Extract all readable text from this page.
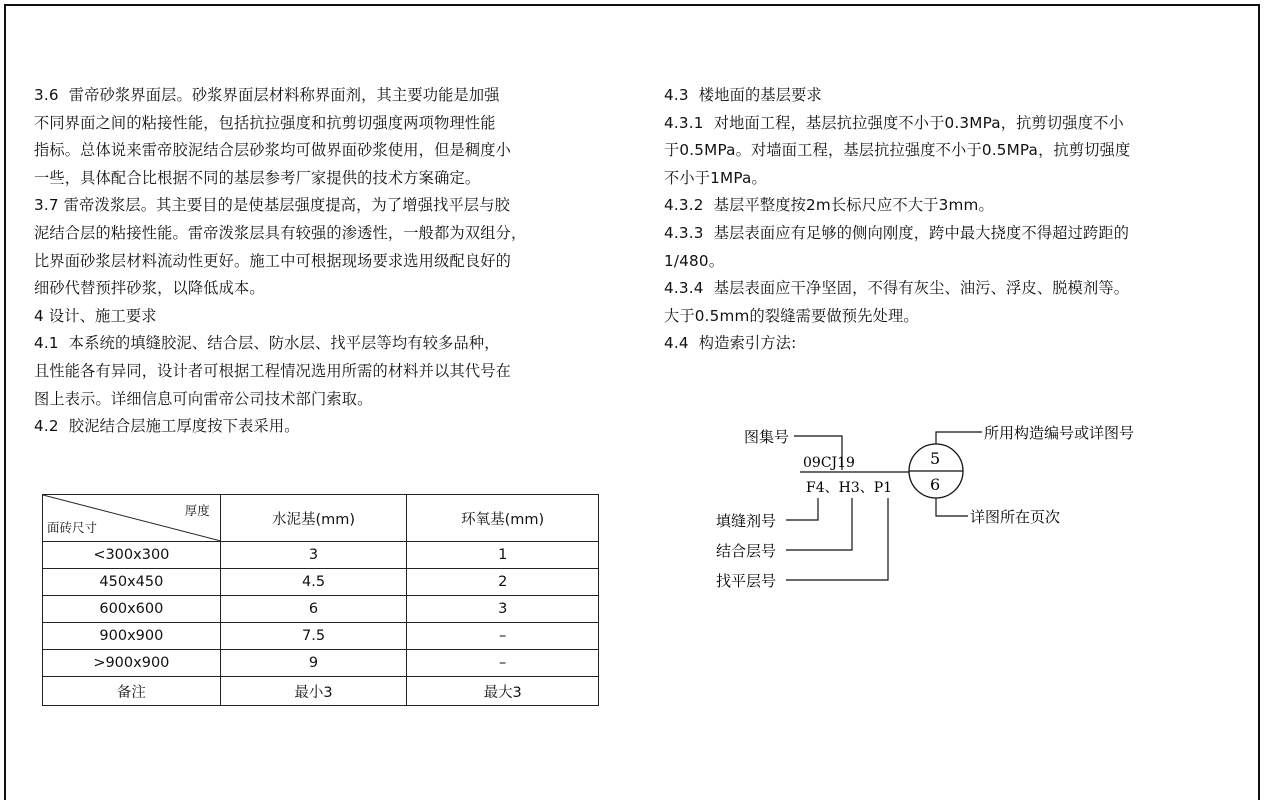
3.6  雷帝砂浆界面层。砂浆界面层材料称界面剂，其主要功能是加强
不同界面之间的粘接性能，包括抗拉强度和抗剪切强度两项物理性能
指标。总体说来雷帝胶泥结合层砂浆均可做界面砂浆使用，但是稠度小
一些，具体配合比根据不同的基层参考厂家提供的技术方案确定。
3.7 雷帝泼浆层。其主要目的是使基层强度提高，为了增强找平层与胶
泥结合层的粘接性能。雷帝泼浆层具有较强的渗透性，一般都为双组分，
比界面砂浆层材料流动性更好。施工中可根据现场要求选用级配良好的
细砂代替预拌砂浆，以降低成本。
4 设计、施工要求
4.1  本系统的填缝胶泥、结合层、防水层、找平层等均有较多品种，
且性能各有异同，设计者可根据工程情况选用所需的材料并以其代号在
图上表示。详细信息可向雷帝公司技术部门索取。
4.2  胶泥结合层施工厚度按下表采用。
4.3  楼地面的基层要求
4.3.1  对地面工程，基层抗拉强度不小于0.3MPa，抗剪切强度不小
于0.5MPa。对墙面工程，基层抗拉强度不小于0.5MPa，抗剪切强度
不小于1MPa。
4.3.2  基层平整度按2m长标尺应不大于3mm。
4.3.3  基层表面应有足够的侧向刚度，跨中最大挠度不得超过跨距的
1/480。
4.3.4  基层表面应干净坚固，不得有灰尘、油污、浮皮、脱模剂等。
大于0.5mm的裂缝需要做预先处理。
4.4  构造索引方法:
厚度
面砖尺寸	水泥基(mm)	环氧基(mm)
<300x300	3	1
450x450	4.5	2
600x600	6	3
900x900	7.5	–
>900x900	9	–
备注	最小3	最大3
图集号
09CJ19
F4、H3、P1
5
6
所用构造编号或详图号
详图所在页次
填缝剂号
结合层号
找平层号
